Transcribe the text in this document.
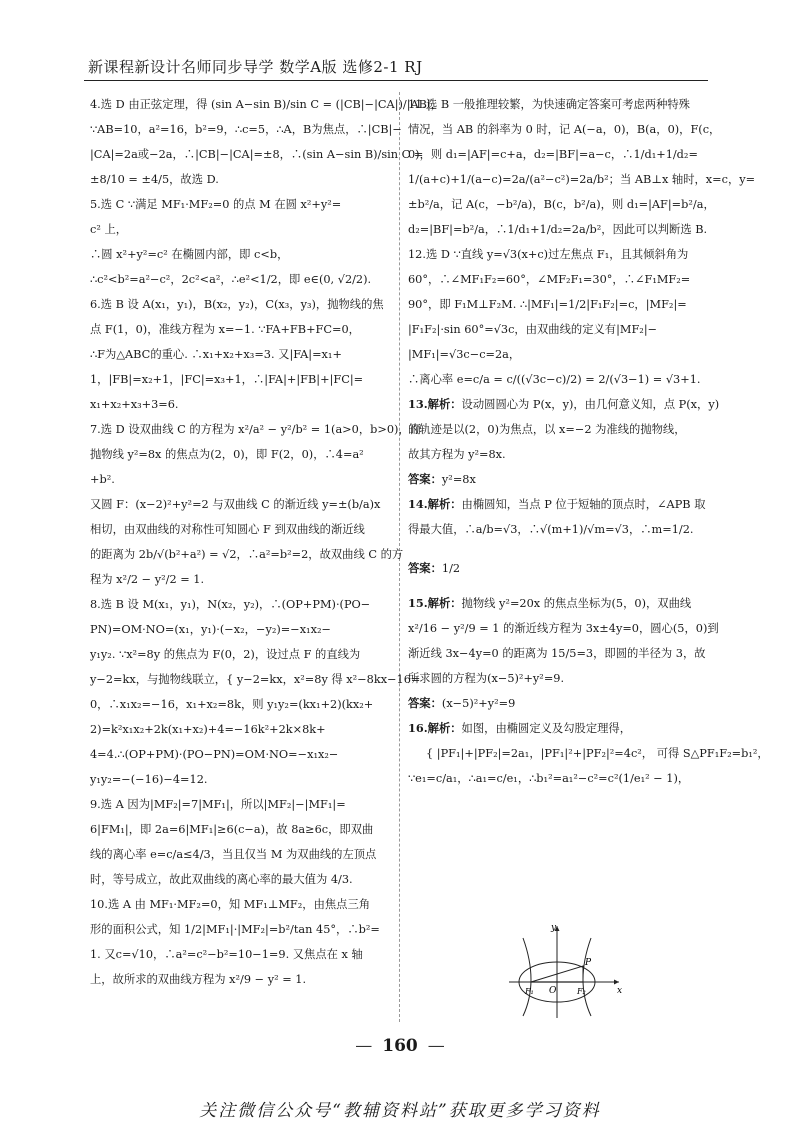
新课程新设计名师同步导学 数学A版 选修2-1 RJ
4.选 D 由正弦定理，得 (sin A−sin B)/sin C = (|CB|−|CA|)/|AB|，
∵AB=10，a²=16，b²=9，∴c=5，∴A，B为焦点，∴|CB|−
|CA|=2a或−2a，∴|CB|−|CA|=±8，∴(sin A−sin B)/sin C =
±8/10 = ±4/5，故选 D.
5.选 C ∵满足 MF₁·MF₂=0 的点 M 在圆 x²+y²=
c² 上，
∴圆 x²+y²=c² 在椭圆内部，即 c<b，
∴c²<b²=a²−c²，2c²<a²，∴e²<1/2，即 e∈(0, √2/2).
6.选 B 设 A(x₁，y₁)，B(x₂，y₂)，C(x₃，y₃)，抛物线的焦
点 F(1，0)，准线方程为 x=−1. ∵FA+FB+FC=0，
∴F为△ABC的重心. ∴x₁+x₂+x₃=3. 又|FA|=x₁+
1，|FB|=x₂+1，|FC|=x₃+1，∴|FA|+|FB|+|FC|=
x₁+x₂+x₃+3=6.
7.选 D 设双曲线 C 的方程为 x²/a² − y²/b² = 1(a>0，b>0)，而
抛物线 y²=8x 的焦点为(2，0)，即 F(2，0)，∴4=a²
+b².
又圆 F：(x−2)²+y²=2 与双曲线 C 的渐近线 y=±(b/a)x
相切，由双曲线的对称性可知圆心 F 到双曲线的渐近线
的距离为 2b/√(b²+a²) = √2，∴a²=b²=2，故双曲线 C 的方
程为 x²/2 − y²/2 = 1.
8.选 B 设 M(x₁，y₁)，N(x₂，y₂)，∴(OP+PM)·(PO−
PN)=OM·NO=(x₁，y₁)·(−x₂，−y₂)=−x₁x₂−
y₁y₂. ∵x²=8y 的焦点为 F(0，2)，设过点 F 的直线为
y−2=kx，与抛物线联立，{ y−2=kx，x²=8y 得 x²−8kx−16=
0，∴x₁x₂=−16，x₁+x₂=8k，则 y₁y₂=(kx₁+2)(kx₂+
2)=k²x₁x₂+2k(x₁+x₂)+4=−16k²+2k×8k+
4=4.∴(OP+PM)·(PO−PN)=OM·NO=−x₁x₂−
y₁y₂=−(−16)−4=12.
9.选 A 因为|MF₂|=7|MF₁|，所以|MF₂|−|MF₁|=
6|FM₁|，即 2a=6|MF₁|≥6(c−a)，故 8a≥6c，即双曲
线的离心率 e=c/a≤4/3，当且仅当 M 为双曲线的左顶点
时，等号成立，故此双曲线的离心率的最大值为 4/3.
10.选 A 由 MF₁·MF₂=0，知 MF₁⊥MF₂，由焦点三角
形的面积公式，知 1/2|MF₁|·|MF₂|=b²/tan 45°，∴b²=
1. 又c=√10，∴a²=c²−b²=10−1=9. 又焦点在 x 轴
上，故所求的双曲线方程为 x²/9 − y² = 1.
11.选 B 一般推理较繁，为快速确定答案可考虑两种特殊
情况，当 AB 的斜率为 0 时，记 A(−a，0)，B(a，0)，F(c，
0)，则 d₁=|AF|=c+a，d₂=|BF|=a−c，∴1/d₁+1/d₂=
1/(a+c)+1/(a−c)=2a/(a²−c²)=2a/b²；当 AB⊥x 轴时，x=c，y=
±b²/a，记 A(c，−b²/a)，B(c，b²/a)，则 d₁=|AF|=b²/a，
d₂=|BF|=b²/a，∴1/d₁+1/d₂=2a/b²，因此可以判断选 B.
12.选 D ∵直线 y=√3(x+c)过左焦点 F₁，且其倾斜角为
60°，∴∠MF₁F₂=60°，∠MF₂F₁=30°，∴∠F₁MF₂=
90°，即 F₁M⊥F₂M. ∴|MF₁|=1/2|F₁F₂|=c，|MF₂|=
|F₁F₂|·sin 60°=√3c，由双曲线的定义有|MF₂|−
|MF₁|=√3c−c=2a，
∴离心率 e=c/a = c/((√3c−c)/2) = 2/(√3−1) = √3+1.
13.解析：设动圆圆心为 P(x，y)，由几何意义知，点 P(x，y)
的轨迹是以(2，0)为焦点，以 x=−2 为准线的抛物线，
故其方程为 y²=8x.
答案：y²=8x
14.解析：由椭圆知，当点 P 位于短轴的顶点时，∠APB 取
得最大值，∴a/b=√3，∴√(m+1)/√m=√3，∴m=1/2.
答案：1/2
15.解析：抛物线 y²=20x 的焦点坐标为(5，0)，双曲线
x²/16 − y²/9 = 1 的渐近线方程为 3x±4y=0，圆心(5，0)到
渐近线 3x−4y=0 的距离为 15/5=3，即圆的半径为 3，故
所求圆的方程为(x−5)²+y²=9.
答案：(x−5)²+y²=9
16.解析：如图，由椭圆定义及勾股定理得，
{ |PF₁|+|PF₂|=2a₁，|PF₁|²+|PF₂|²=4c²， 可得 S△PF₁F₂=b₁²，
∵e₁=c/a₁，∴a₁=c/e₁，∴b₁²=a₁²−c²=c²(1/e₁² − 1)，
y
x
O
P
F₁	F₂
— 160 —
关注微信公众号“教辅资料站”获取更多学习资料
